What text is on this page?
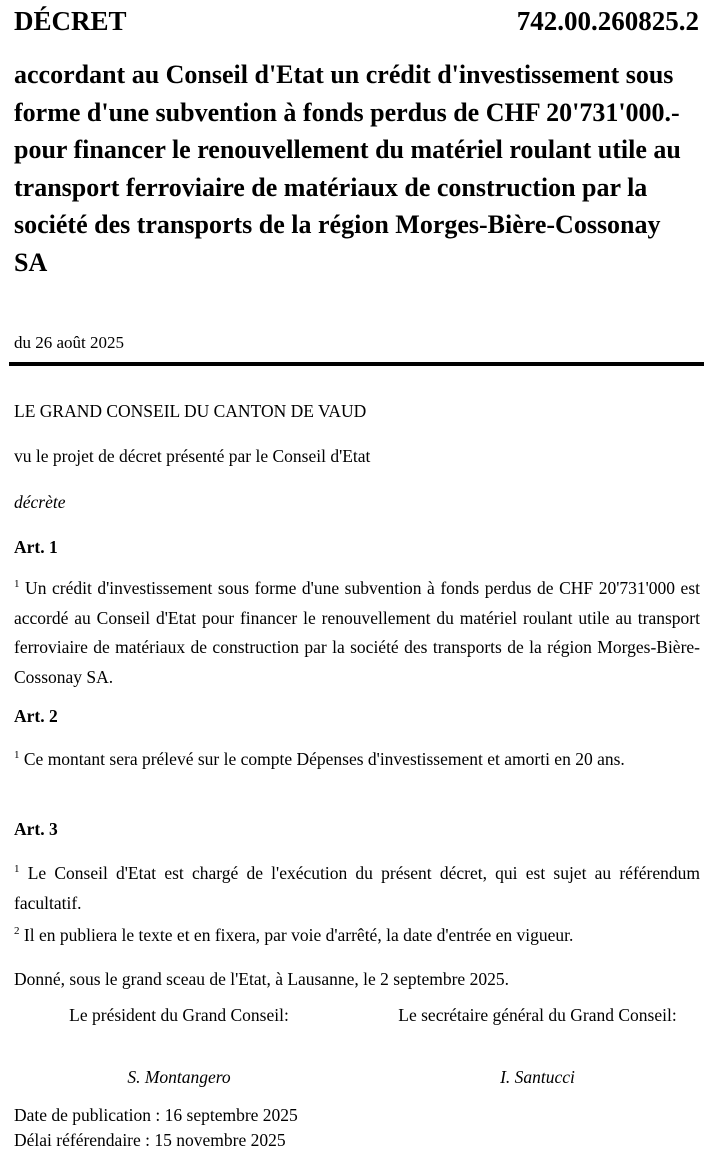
DÉCRET	742.00.260825.2
accordant au Conseil d'Etat un crédit d'investissement sous forme d'une subvention à fonds perdus de CHF 20'731'000.- pour financer le renouvellement du matériel roulant utile au transport ferroviaire de matériaux de construction par la société des transports de la région Morges-Bière-Cossonay SA
du 26 août 2025
LE GRAND CONSEIL DU CANTON DE VAUD
vu le projet de décret présenté par le Conseil d'Etat
décrète
Art. 1
$^1$ Un crédit d'investissement sous forme d'une subvention à fonds perdus de CHF 20'731'000 est accordé au Conseil d'Etat pour financer le renouvellement du matériel roulant utile au transport ferroviaire de matériaux de construction par la société des transports de la région Morges-Bière-Cossonay SA.
Art. 2
$^1$ Ce montant sera prélevé sur le compte Dépenses d'investissement et amorti en 20 ans.
Art. 3
$^1$ Le Conseil d'Etat est chargé de l'exécution du présent décret, qui est sujet au référendum facultatif.
$^2$ Il en publiera le texte et en fixera, par voie d'arrêté, la date d'entrée en vigueur.
Donné, sous le grand sceau de l'Etat, à Lausanne, le 2 septembre 2025.
Le président du Grand Conseil:	Le secrétaire général du Grand Conseil:
S. Montangero	I. Santucci
Date de publication : 16 septembre 2025
Délai référendaire : 15 novembre 2025
